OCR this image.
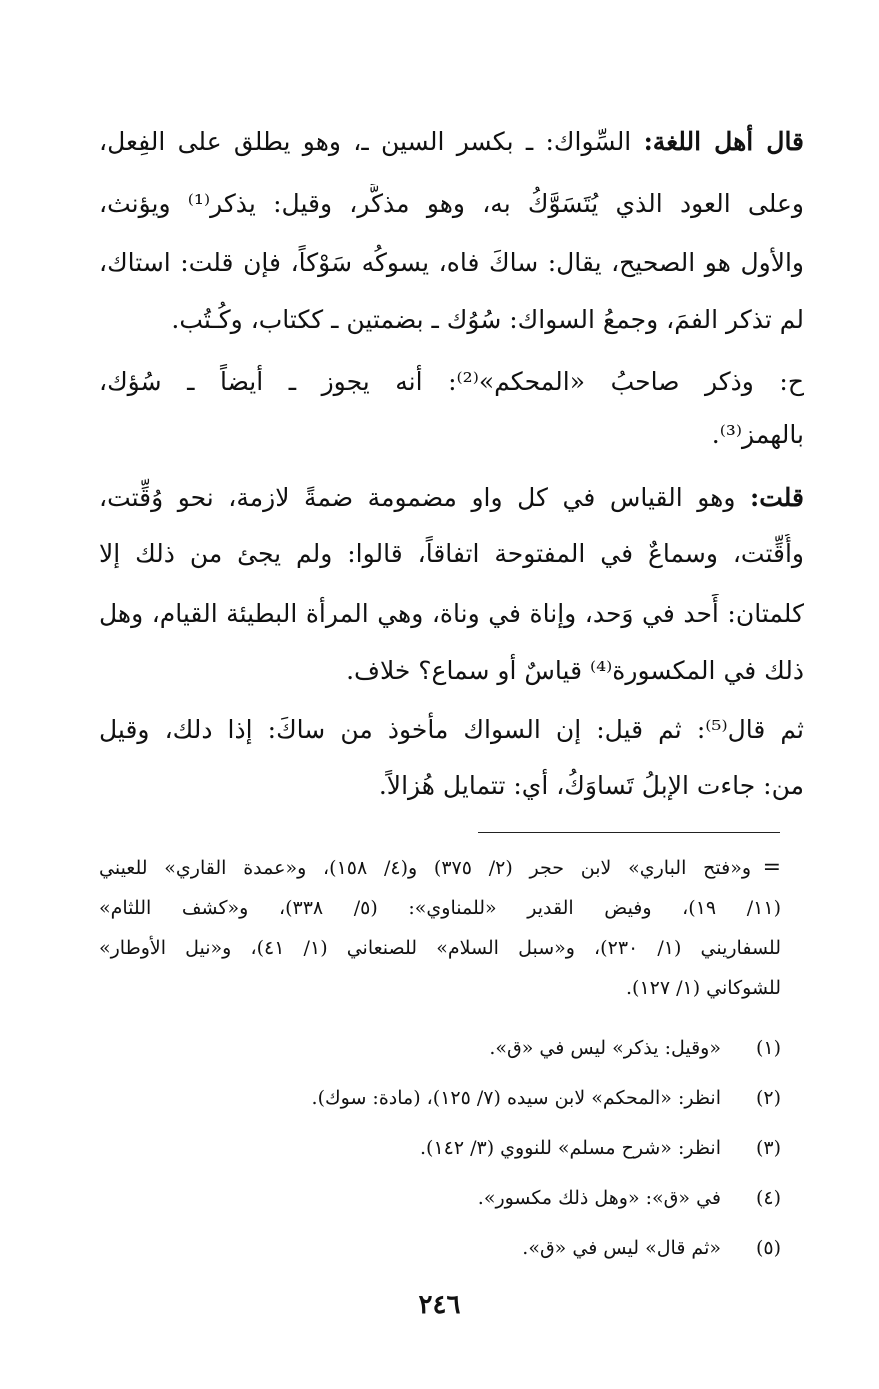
قال أهل اللغة: السِّواك: ـ بكسر السين ـ، وهو يطلق على الفِعل،
وعلى العود الذي يُتَسَوَّكُ به، وهو مذكَّر، وقيل: يذكر⁽¹⁾ ويؤنث،
والأول هو الصحيح، يقال: ساكَ فاه، يسوكُه سَوْكاً، فإن قلت: استاك،
لم تذكر الفمَ، وجمعُ السواك: سُوُك ـ بضمتين ـ ككتاب، وكُـتُب.
ح: وذكر صاحبُ «المحكم»⁽²⁾: أنه يجوز ـ أيضاً ـ سُؤك،
بالهمز⁽³⁾.
قلت: وهو القياس في كل واو مضمومة ضمةً لازمة، نحو وُقِّتت،
وأُقِّتت، وسماعٌ في المفتوحة اتفاقاً، قالوا: ولم يجئ من ذلك إلا
كلمتان: أَحد في وَحد، وإناة في وناة، وهي المرأة البطيئة القيام، وهل
ذلك في المكسورة⁽⁴⁾ قياسٌ أو سماع؟ خلاف.
ثم قال⁽⁵⁾: ثم قيل: إن السواك مأخوذ من ساكَ: إذا دلك، وقيل
من: جاءت الإبلُ تَساوَكُ، أي: تتمايل هُزالاً.
=
و«فتح الباري» لابن حجر (٢/ ٣٧٥) و(٤/ ١٥٨)، و«عمدة القاري» للعيني
(١١/ ١٩)، وفيض القدير «للمناوي»: (٥/ ٣٣٨)، و«كشف اللثام»
للسفاريني (١/ ٢٣٠)، و«سبل السلام» للصنعاني (١/ ٤١)، و«نيل الأوطار»
للشوكاني (١/ ١٢٧).
(١)«وقيل: يذكر» ليس في «ق».
(٢)انظر: «المحكم» لابن سيده (٧/ ١٢٥)، (مادة: سوك).
(٣)انظر: «شرح مسلم» للنووي (٣/ ١٤٢).
(٤)في «ق»: «وهل ذلك مكسور».
(٥)«ثم قال» ليس في «ق».
٢٤٦
